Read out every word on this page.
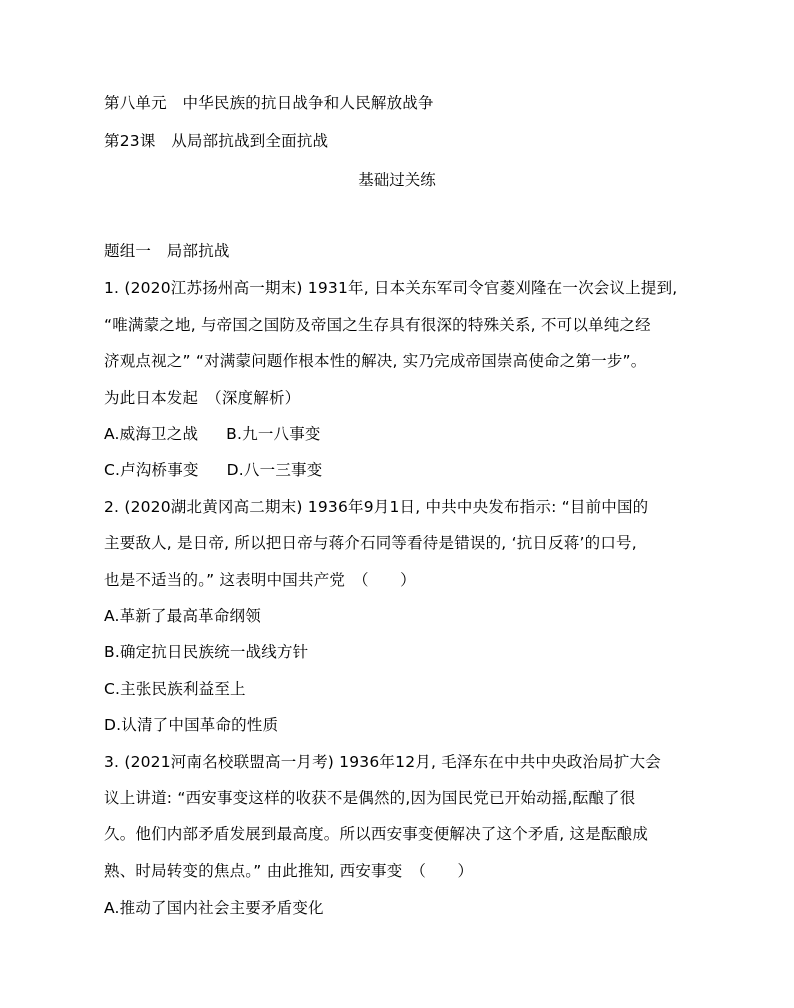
第八单元　中华民族的抗日战争和人民解放战争
第23课　从局部抗战到全面抗战
基础过关练
题组一　局部抗战
1. (2020江苏扬州高一期末) 1931年, 日本关东军司令官菱刈隆在一次会议上提到,
“唯满蒙之地, 与帝国之国防及帝国之生存具有很深的特殊关系, 不可以单纯之经
济观点视之” “对满蒙问题作根本性的解决, 实乃完成帝国崇高使命之第一步”。
为此日本发起　（深度解析）
A.威海卫之战 B.九一八事变
C.卢沟桥事变 D.八一三事变
2. (2020湖北黄冈高二期末) 1936年9月1日, 中共中央发布指示: “目前中国的
主要敌人, 是日帝, 所以把日帝与蒋介石同等看待是错误的, ‘抗日反蒋’的口号,
也是不适当的。” 这表明中国共产党　（　　）
A.革新了最高革命纲领
B.确定抗日民族统一战线方针
C.主张民族利益至上
D.认清了中国革命的性质
3. (2021河南名校联盟高一月考) 1936年12月, 毛泽东在中共中央政治局扩大会
议上讲道: “西安事变这样的收获不是偶然的,因为国民党已开始动摇,酝酿了很
久。他们内部矛盾发展到最高度。所以西安事变便解决了这个矛盾, 这是酝酿成
熟、时局转变的焦点。” 由此推知, 西安事变　（　　）
A.推动了国内社会主要矛盾变化
